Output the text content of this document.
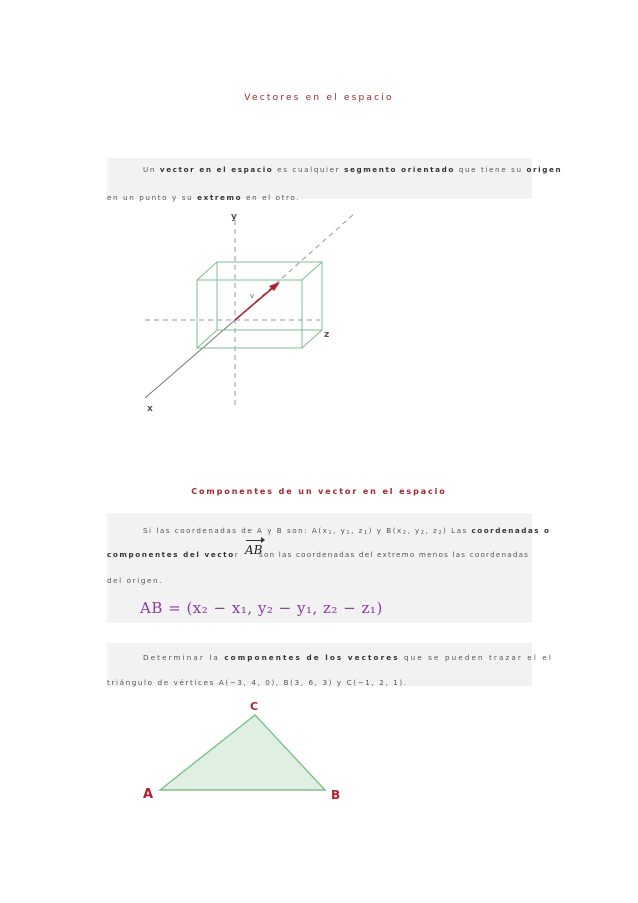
Vectores en el espacio
Un vector en el espacio es cualquier segmento orientado que tiene su origen
en un punto y su extremo en el otro.
v
y
z
x
Componentes de un vector en el espacio
Si las coordenadas de A y B son: $A(x_1$, $y_1$, $z_1$) y $B(x_2$, $y_2$, $z_2$) Las coordenadas o
componentes del vector AB
son las coordenadas del extremo menos las coordenadas
del origen.
AB = (x₂ − x₁, y₂ − y₁, z₂ − z₁)
Determinar la componentes de los vectores que se pueden trazar el el
triángulo de vértices A(−3, 4, 0), B(3, 6, 3) y C(−1, 2, 1).
C
A	B
